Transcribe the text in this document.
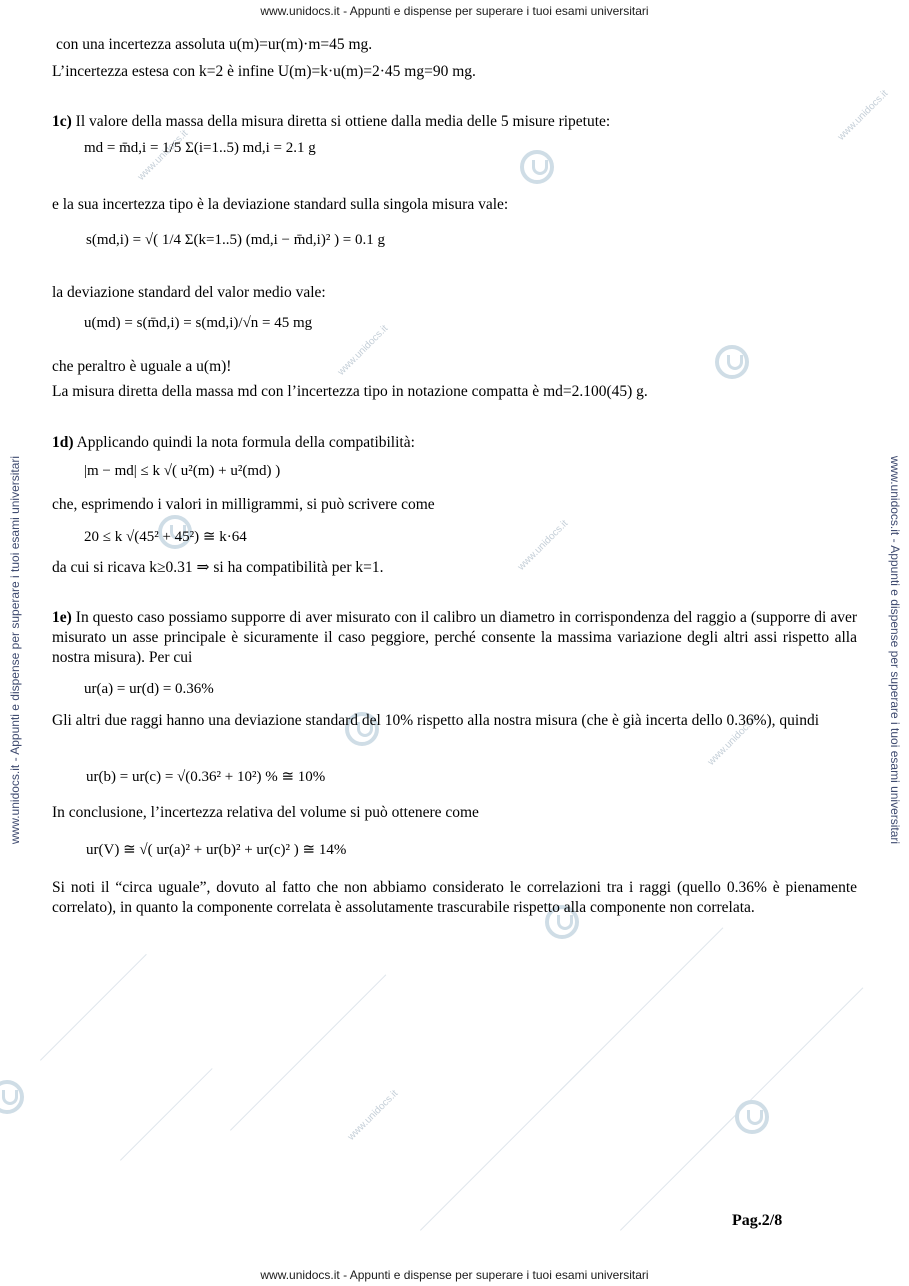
www.unidocs.it
www.unidocs.it
www.unidocs.it
www.unidocs.it
www.unidocs.it
www.unidocs.it
www.unidocs.it - Appunti e dispense per superare i tuoi esami universitari
www.unidocs.it - Appunti e dispense per superare i tuoi esami universitari
www.unidocs.it - Appunti e dispense per superare i tuoi esami universitari	www.unidocs.it - Appunti e dispense per superare i tuoi esami universitari
con una incertezza assoluta u(m)=ur(m)·m=45 mg.
L’incertezza estesa con k=2 è infine U(m)=k·u(m)=2·45 mg=90 mg.
1c) Il valore della massa della misura diretta si ottiene dalla media delle 5 misure ripetute:
md = m̄d,i = 1/5 Σ(i=1..5) md,i = 2.1 g
e la sua incertezza tipo è la deviazione standard sulla singola misura vale:
s(md,i) = √( 1/4 Σ(k=1..5) (md,i − m̄d,i)² ) = 0.1 g
la deviazione standard del valor medio vale:
u(md) = s(m̄d,i) = s(md,i)/√n = 45 mg
che peraltro è uguale a u(m)!
La misura diretta della massa md con l’incertezza tipo in notazione compatta è md=2.100(45) g.
1d) Applicando quindi la nota formula della compatibilità:
|m − md| ≤ k √( u²(m) + u²(md) )
che, esprimendo i valori in milligrammi, si può scrivere come
20 ≤ k √(45² + 45²) ≅ k·64
da cui si ricava k≥0.31 ⇒ si ha compatibilità per k=1.
1e) In questo caso possiamo supporre di aver misurato con il calibro un diametro in corrispondenza del raggio a (supporre di aver misurato un asse principale è sicuramente il caso peggiore, perché consente la massima variazione degli altri assi rispetto alla nostra misura). Per cui
ur(a) = ur(d) = 0.36%
Gli altri due raggi hanno una deviazione standard del 10% rispetto alla nostra misura (che è già incerta dello 0.36%), quindi
ur(b) = ur(c) = √(0.36² + 10²) % ≅ 10%
In conclusione, l’incertezza relativa del volume si può ottenere come
ur(V) ≅ √( ur(a)² + ur(b)² + ur(c)² ) ≅ 14%
Si noti il “circa uguale”, dovuto al fatto che non abbiamo considerato le correlazioni tra i raggi (quello 0.36% è pienamente correlato), in quanto la componente correlata è assolutamente trascurabile rispetto alla componente non correlata.
Pag.2/8
